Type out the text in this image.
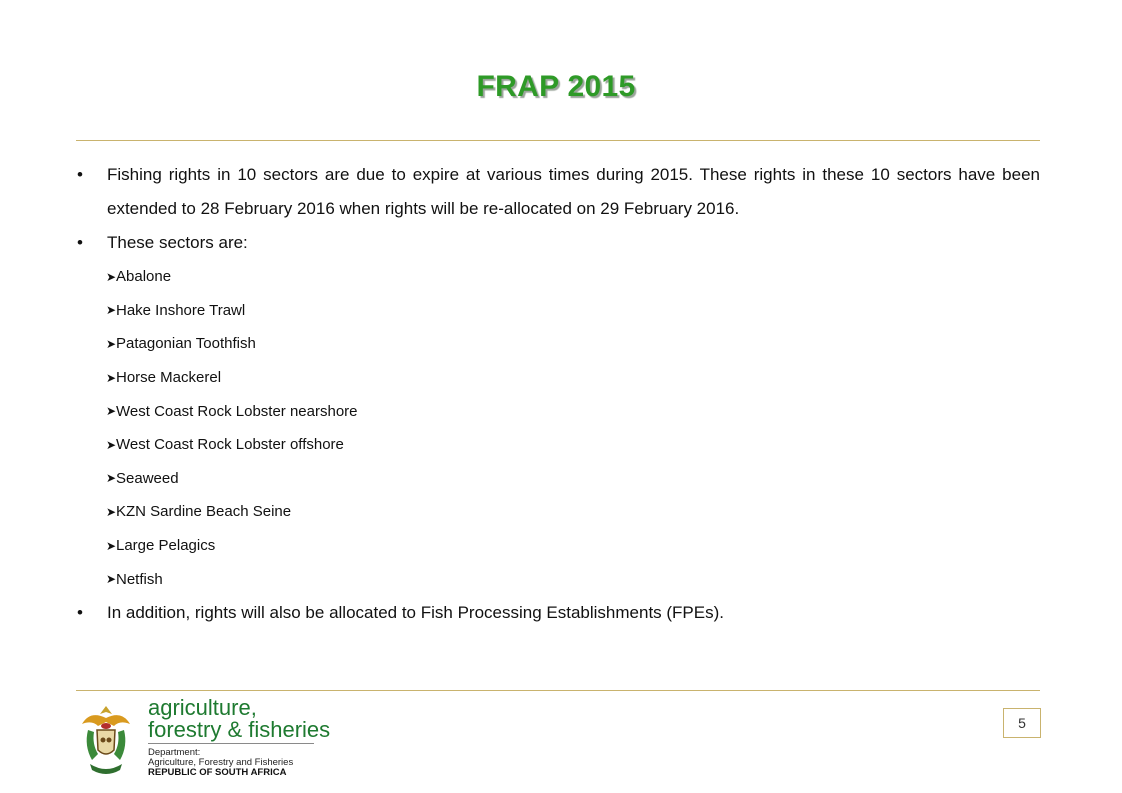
FRAP 2015
•	Fishing rights in 10 sectors are due to expire at various times during 2015. These rights in these 10 sectors have been extended to 28 February 2016 when rights will be re-allocated on 29 February 2016.
•	These sectors are:
➤ Abalone
➤ Hake Inshore Trawl
➤ Patagonian Toothfish
➤ Horse Mackerel
➤ West Coast Rock Lobster nearshore
➤ West Coast Rock Lobster offshore
➤ Seaweed
➤ KZN Sardine Beach Seine
➤ Large Pelagics
➤ Netfish
•	In addition, rights will also be allocated to Fish Processing Establishments (FPEs).
agriculture,
forestry & fisheries
Department:
Agriculture, Forestry and Fisheries
REPUBLIC OF SOUTH AFRICA
5
